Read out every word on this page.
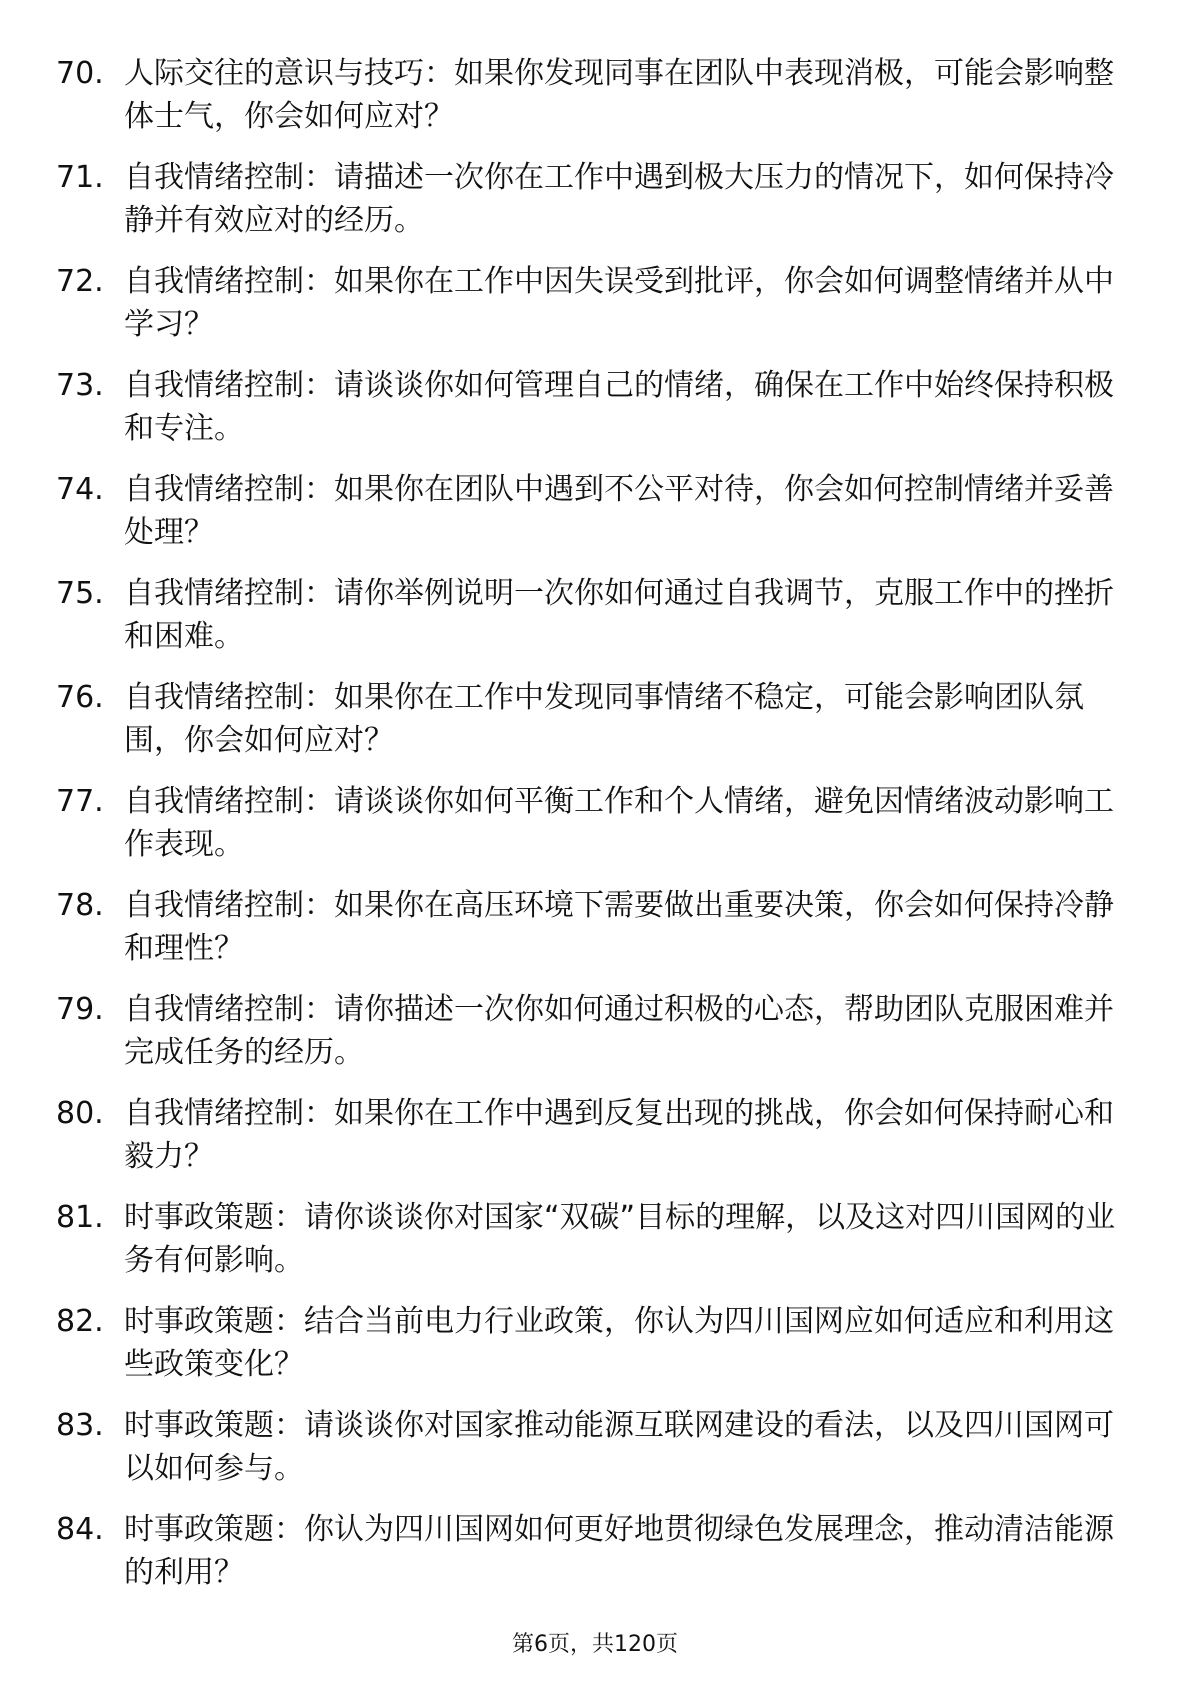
70. 人际交往的意识与技巧：如果你发现同事在团队中表现消极，可能会影响整体士气，你会如何应对？
71. 自我情绪控制：请描述一次你在工作中遇到极大压力的情况下，如何保持冷静并有效应对的经历。
72. 自我情绪控制：如果你在工作中因失误受到批评，你会如何调整情绪并从中学习？
73. 自我情绪控制：请谈谈你如何管理自己的情绪，确保在工作中始终保持积极和专注。
74. 自我情绪控制：如果你在团队中遇到不公平对待，你会如何控制情绪并妥善处理？
75. 自我情绪控制：请你举例说明一次你如何通过自我调节，克服工作中的挫折和困难。
76. 自我情绪控制：如果你在工作中发现同事情绪不稳定，可能会影响团队氛围，你会如何应对？
77. 自我情绪控制：请谈谈你如何平衡工作和个人情绪，避免因情绪波动影响工作表现。
78. 自我情绪控制：如果你在高压环境下需要做出重要决策，你会如何保持冷静和理性？
79. 自我情绪控制：请你描述一次你如何通过积极的心态，帮助团队克服困难并完成任务的经历。
80. 自我情绪控制：如果你在工作中遇到反复出现的挑战，你会如何保持耐心和毅力？
81. 时事政策题：请你谈谈你对国家“双碳”目标的理解，以及这对四川国网的业务有何影响。
82. 时事政策题：结合当前电力行业政策，你认为四川国网应如何适应和利用这些政策变化？
83. 时事政策题：请谈谈你对国家推动能源互联网建设的看法，以及四川国网可以如何参与。
84. 时事政策题：你认为四川国网如何更好地贯彻绿色发展理念，推动清洁能源的利用？
第6页，共120页
